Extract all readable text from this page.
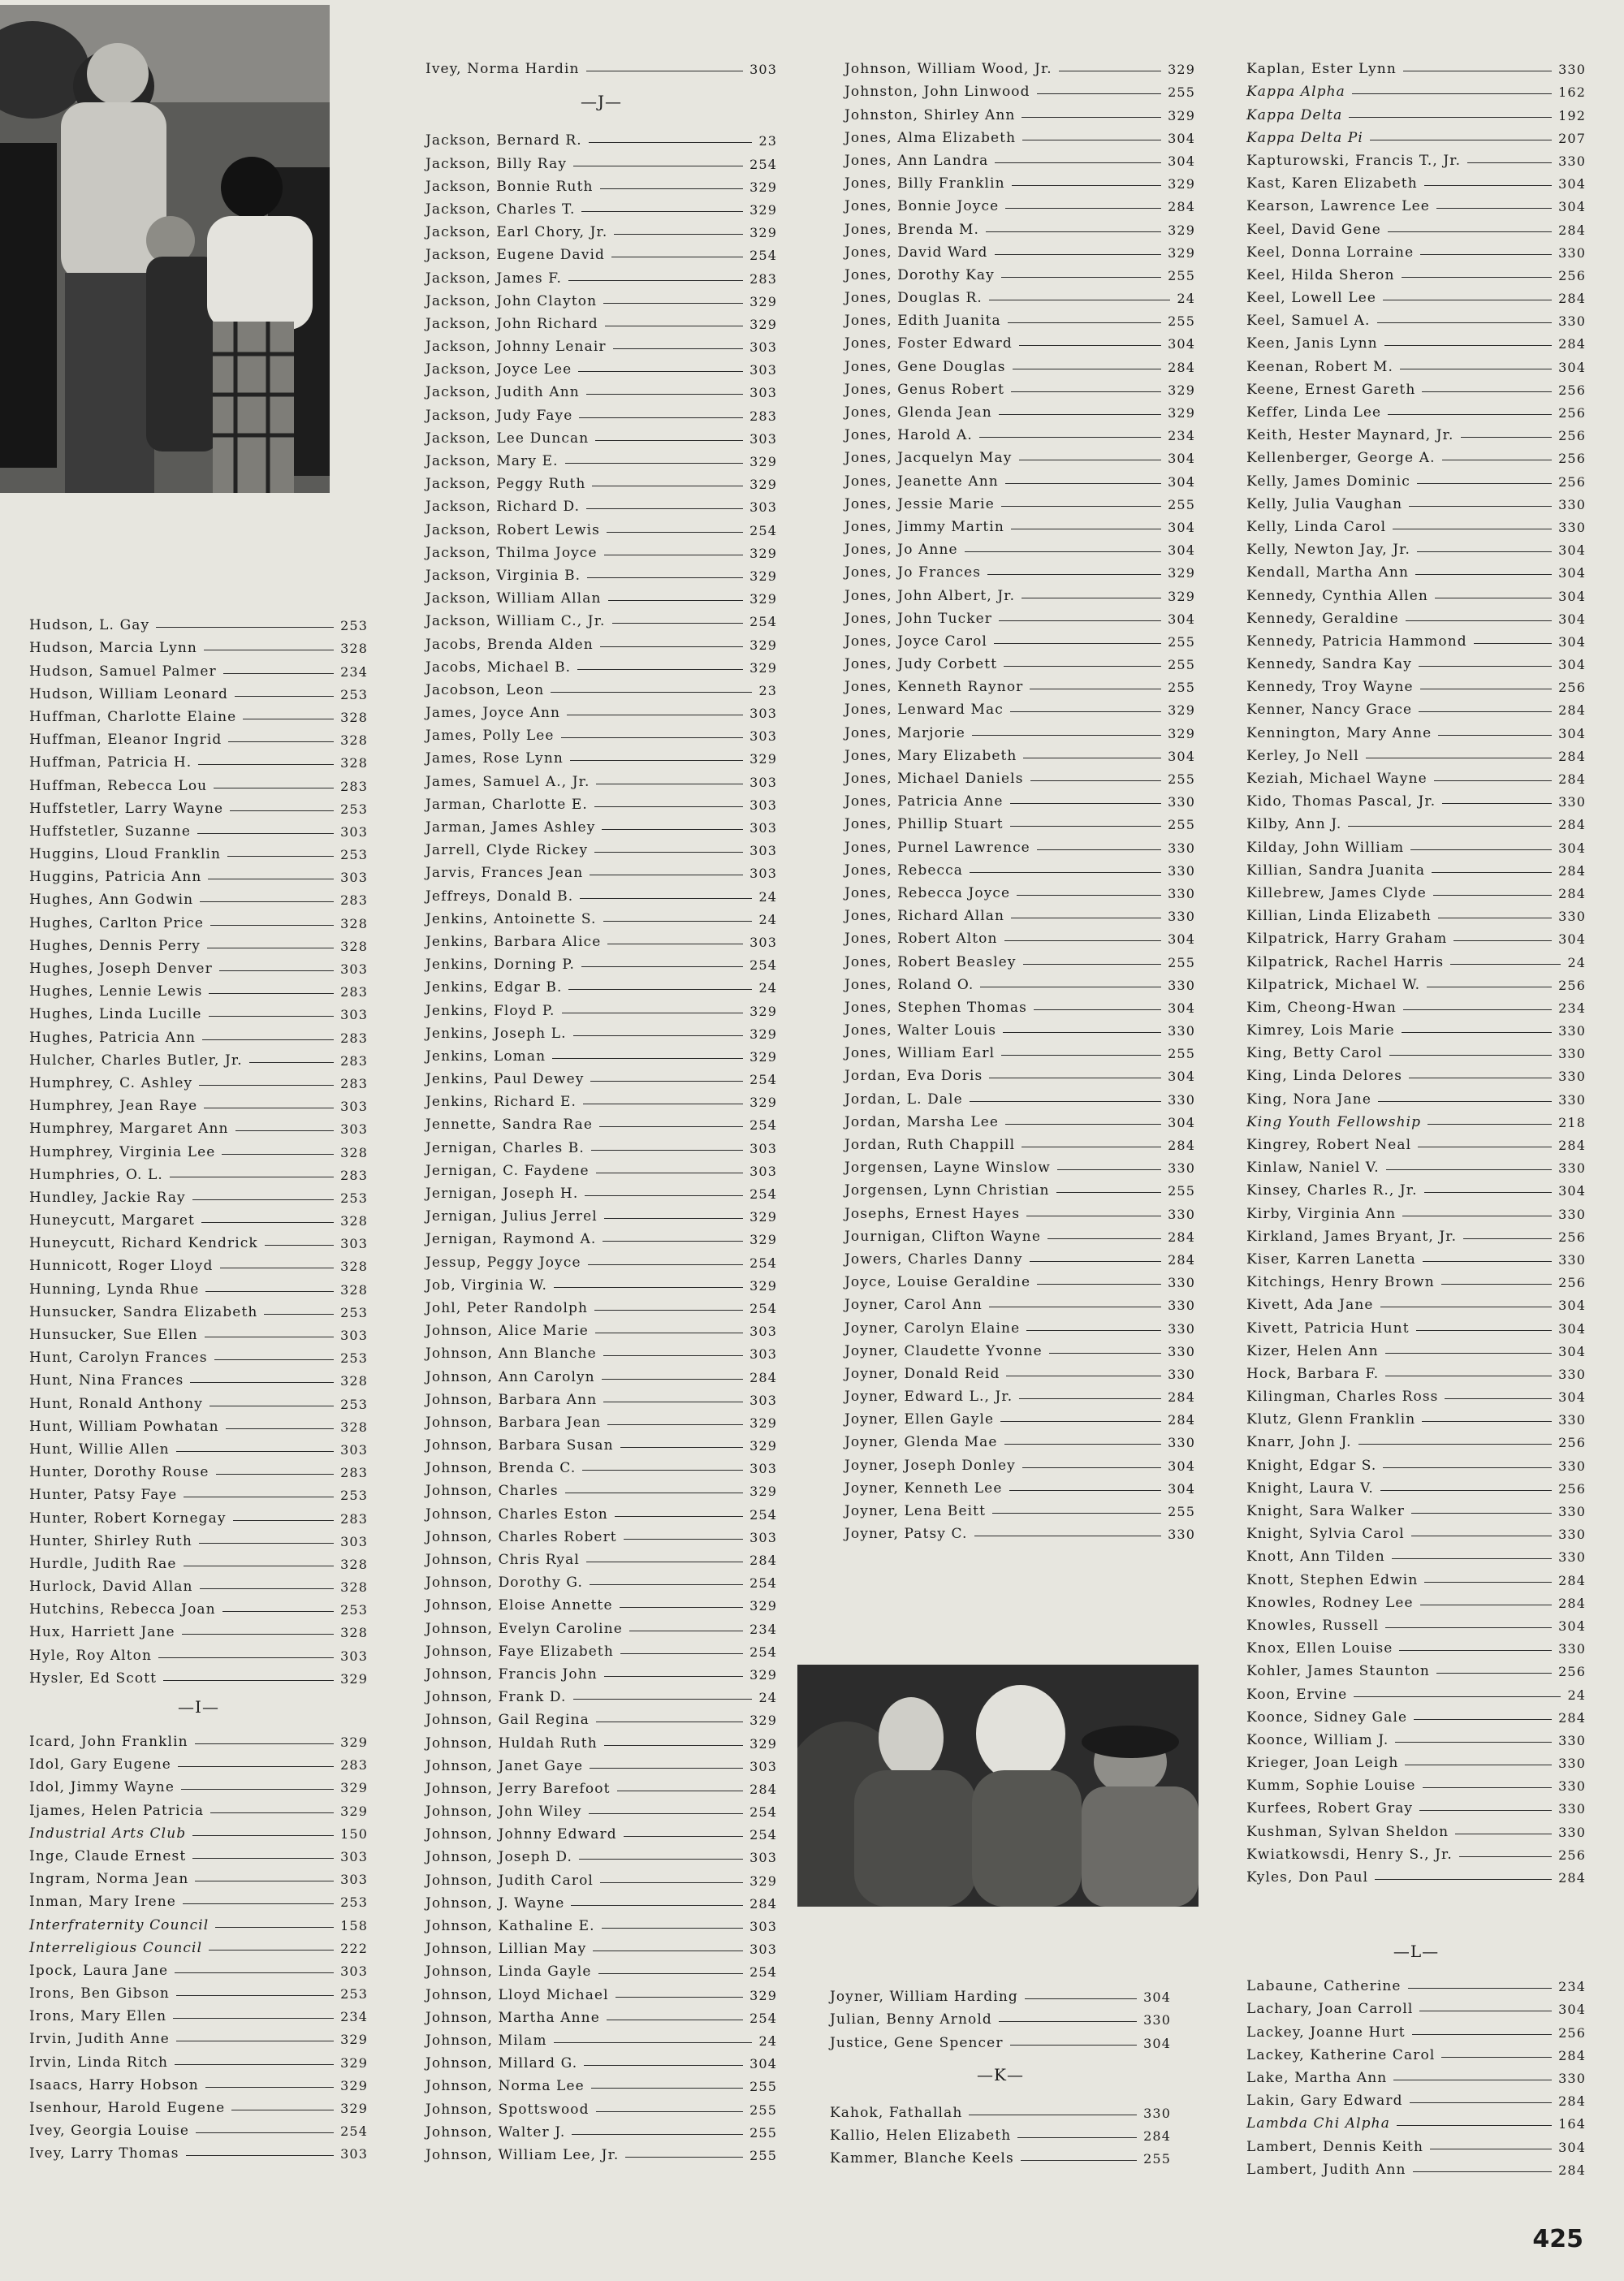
Hudson, L. Gay	253
Hudson, Marcia Lynn	328
Hudson, Samuel Palmer	234
Hudson, William Leonard	253
Huffman, Charlotte Elaine	328
Huffman, Eleanor Ingrid	328
Huffman, Patricia H.	328
Huffman, Rebecca Lou	283
Huffstetler, Larry Wayne	253
Huffstetler, Suzanne	303
Huggins, Lloud Franklin	253
Huggins, Patricia Ann	303
Hughes, Ann Godwin	283
Hughes, Carlton Price	328
Hughes, Dennis Perry	328
Hughes, Joseph Denver	303
Hughes, Lennie Lewis	283
Hughes, Linda Lucille	303
Hughes, Patricia Ann	283
Hulcher, Charles Butler, Jr.	283
Humphrey, C. Ashley	283
Humphrey, Jean Raye	303
Humphrey, Margaret Ann	303
Humphrey, Virginia Lee	328
Humphries, O. L.	283
Hundley, Jackie Ray	253
Huneycutt, Margaret	328
Huneycutt, Richard Kendrick	303
Hunnicott, Roger Lloyd	328
Hunning, Lynda Rhue	328
Hunsucker, Sandra Elizabeth	253
Hunsucker, Sue Ellen	303
Hunt, Carolyn Frances	253
Hunt, Nina Frances	328
Hunt, Ronald Anthony	253
Hunt, William Powhatan	328
Hunt, Willie Allen	303
Hunter, Dorothy Rouse	283
Hunter, Patsy Faye	253
Hunter, Robert Kornegay	283
Hunter, Shirley Ruth	303
Hurdle, Judith Rae	328
Hurlock, David Allan	328
Hutchins, Rebecca Joan	253
Hux, Harriett Jane	328
Hyle, Roy Alton	303
Hysler, Ed Scott	329
—I—
Icard, John Franklin	329
Idol, Gary Eugene	283
Idol, Jimmy Wayne	329
Ijames, Helen Patricia	329
Industrial Arts Club	150
Inge, Claude Ernest	303
Ingram, Norma Jean	303
Inman, Mary Irene	253
Interfraternity Council	158
Interreligious Council	222
Ipock, Laura Jane	303
Irons, Ben Gibson	253
Irons, Mary Ellen	234
Irvin, Judith Anne	329
Irvin, Linda Ritch	329
Isaacs, Harry Hobson	329
Isenhour, Harold Eugene	329
Ivey, Georgia Louise	254
Ivey, Larry Thomas	303
Ivey, Norma Hardin	303
—J—
Jackson, Bernard R.	23
Jackson, Billy Ray	254
Jackson, Bonnie Ruth	329
Jackson, Charles T.	329
Jackson, Earl Chory, Jr.	329
Jackson, Eugene David	254
Jackson, James F.	283
Jackson, John Clayton	329
Jackson, John Richard	329
Jackson, Johnny Lenair	303
Jackson, Joyce Lee	303
Jackson, Judith Ann	303
Jackson, Judy Faye	283
Jackson, Lee Duncan	303
Jackson, Mary E.	329
Jackson, Peggy Ruth	329
Jackson, Richard D.	303
Jackson, Robert Lewis	254
Jackson, Thilma Joyce	329
Jackson, Virginia B.	329
Jackson, William Allan	329
Jackson, William C., Jr.	254
Jacobs, Brenda Alden	329
Jacobs, Michael B.	329
Jacobson, Leon	23
James, Joyce Ann	303
James, Polly Lee	303
James, Rose Lynn	329
James, Samuel A., Jr.	303
Jarman, Charlotte E.	303
Jarman, James Ashley	303
Jarrell, Clyde Rickey	303
Jarvis, Frances Jean	303
Jeffreys, Donald B.	24
Jenkins, Antoinette S.	24
Jenkins, Barbara Alice	303
Jenkins, Dorning P.	254
Jenkins, Edgar B.	24
Jenkins, Floyd P.	329
Jenkins, Joseph L.	329
Jenkins, Loman	329
Jenkins, Paul Dewey	254
Jenkins, Richard E.	329
Jennette, Sandra Rae	254
Jernigan, Charles B.	303
Jernigan, C. Faydene	303
Jernigan, Joseph H.	254
Jernigan, Julius Jerrel	329
Jernigan, Raymond A.	329
Jessup, Peggy Joyce	254
Job, Virginia W.	329
Johl, Peter Randolph	254
Johnson, Alice Marie	303
Johnson, Ann Blanche	303
Johnson, Ann Carolyn	284
Johnson, Barbara Ann	303
Johnson, Barbara Jean	329
Johnson, Barbara Susan	329
Johnson, Brenda C.	303
Johnson, Charles	329
Johnson, Charles Eston	254
Johnson, Charles Robert	303
Johnson, Chris Ryal	284
Johnson, Dorothy G.	254
Johnson, Eloise Annette	329
Johnson, Evelyn Caroline	234
Johnson, Faye Elizabeth	254
Johnson, Francis John	329
Johnson, Frank D.	24
Johnson, Gail Regina	329
Johnson, Huldah Ruth	329
Johnson, Janet Gaye	303
Johnson, Jerry Barefoot	284
Johnson, John Wiley	254
Johnson, Johnny Edward	254
Johnson, Joseph D.	303
Johnson, Judith Carol	329
Johnson, J. Wayne	284
Johnson, Kathaline E.	303
Johnson, Lillian May	303
Johnson, Linda Gayle	254
Johnson, Lloyd Michael	329
Johnson, Martha Anne	254
Johnson, Milam	24
Johnson, Millard G.	304
Johnson, Norma Lee	255
Johnson, Spottswood	255
Johnson, Walter J.	255
Johnson, William Lee, Jr.	255
Johnson, William Wood, Jr.	329
Johnston, John Linwood	255
Johnston, Shirley Ann	329
Jones, Alma Elizabeth	304
Jones, Ann Landra	304
Jones, Billy Franklin	329
Jones, Bonnie Joyce	284
Jones, Brenda M.	329
Jones, David Ward	329
Jones, Dorothy Kay	255
Jones, Douglas R.	24
Jones, Edith Juanita	255
Jones, Foster Edward	304
Jones, Gene Douglas	284
Jones, Genus Robert	329
Jones, Glenda Jean	329
Jones, Harold A.	234
Jones, Jacquelyn May	304
Jones, Jeanette Ann	304
Jones, Jessie Marie	255
Jones, Jimmy Martin	304
Jones, Jo Anne	304
Jones, Jo Frances	329
Jones, John Albert, Jr.	329
Jones, John Tucker	304
Jones, Joyce Carol	255
Jones, Judy Corbett	255
Jones, Kenneth Raynor	255
Jones, Lenward Mac	329
Jones, Marjorie	329
Jones, Mary Elizabeth	304
Jones, Michael Daniels	255
Jones, Patricia Anne	330
Jones, Phillip Stuart	255
Jones, Purnel Lawrence	330
Jones, Rebecca	330
Jones, Rebecca Joyce	330
Jones, Richard Allan	330
Jones, Robert Alton	304
Jones, Robert Beasley	255
Jones, Roland O.	330
Jones, Stephen Thomas	304
Jones, Walter Louis	330
Jones, William Earl	255
Jordan, Eva Doris	304
Jordan, L. Dale	330
Jordan, Marsha Lee	304
Jordan, Ruth Chappill	284
Jorgensen, Layne Winslow	330
Jorgensen, Lynn Christian	255
Josephs, Ernest Hayes	330
Journigan, Clifton Wayne	284
Jowers, Charles Danny	284
Joyce, Louise Geraldine	330
Joyner, Carol Ann	330
Joyner, Carolyn Elaine	330
Joyner, Claudette Yvonne	330
Joyner, Donald Reid	330
Joyner, Edward L., Jr.	284
Joyner, Ellen Gayle	284
Joyner, Glenda Mae	330
Joyner, Joseph Donley	304
Joyner, Kenneth Lee	304
Joyner, Lena Beitt	255
Joyner, Patsy C.	330
Joyner, William Harding	304
Julian, Benny Arnold	330
Justice, Gene Spencer	304
—K—
Kahok, Fathallah	330
Kallio, Helen Elizabeth	284
Kammer, Blanche Keels	255
Kaplan, Ester Lynn	330
Kappa Alpha	162
Kappa Delta	192
Kappa Delta Pi	207
Kapturowski, Francis T., Jr.	330
Kast, Karen Elizabeth	304
Kearson, Lawrence Lee	304
Keel, David Gene	284
Keel, Donna Lorraine	330
Keel, Hilda Sheron	256
Keel, Lowell Lee	284
Keel, Samuel A.	330
Keen, Janis Lynn	284
Keenan, Robert M.	304
Keene, Ernest Gareth	256
Keffer, Linda Lee	256
Keith, Hester Maynard, Jr.	256
Kellenberger, George A.	256
Kelly, James Dominic	256
Kelly, Julia Vaughan	330
Kelly, Linda Carol	330
Kelly, Newton Jay, Jr.	304
Kendall, Martha Ann	304
Kennedy, Cynthia Allen	304
Kennedy, Geraldine	304
Kennedy, Patricia Hammond	304
Kennedy, Sandra Kay	304
Kennedy, Troy Wayne	256
Kenner, Nancy Grace	284
Kennington, Mary Anne	304
Kerley, Jo Nell	284
Keziah, Michael Wayne	284
Kido, Thomas Pascal, Jr.	330
Kilby, Ann J.	284
Kilday, John William	304
Killian, Sandra Juanita	284
Killebrew, James Clyde	284
Killian, Linda Elizabeth	330
Kilpatrick, Harry Graham	304
Kilpatrick, Rachel Harris	24
Kilpatrick, Michael W.	256
Kim, Cheong-Hwan	234
Kimrey, Lois Marie	330
King, Betty Carol	330
King, Linda Delores	330
King, Nora Jane	330
King Youth Fellowship	218
Kingrey, Robert Neal	284
Kinlaw, Naniel V.	330
Kinsey, Charles R., Jr.	304
Kirby, Virginia Ann	330
Kirkland, James Bryant, Jr.	256
Kiser, Karren Lanetta	330
Kitchings, Henry Brown	256
Kivett, Ada Jane	304
Kivett, Patricia Hunt	304
Kizer, Helen Ann	304
Hock, Barbara F.	330
Kilingman, Charles Ross	304
Klutz, Glenn Franklin	330
Knarr, John J.	256
Knight, Edgar S.	330
Knight, Laura V.	256
Knight, Sara Walker	330
Knight, Sylvia Carol	330
Knott, Ann Tilden	330
Knott, Stephen Edwin	284
Knowles, Rodney Lee	284
Knowles, Russell	304
Knox, Ellen Louise	330
Kohler, James Staunton	256
Koon, Ervine	24
Koonce, Sidney Gale	284
Koonce, William J.	330
Krieger, Joan Leigh	330
Kumm, Sophie Louise	330
Kurfees, Robert Gray	330
Kushman, Sylvan Sheldon	330
Kwiatkowsdi, Henry S., Jr.	256
Kyles, Don Paul	284
—L—
Labaune, Catherine	234
Lachary, Joan Carroll	304
Lackey, Joanne Hurt	256
Lackey, Katherine Carol	284
Lake, Martha Ann	330
Lakin, Gary Edward	284
Lambda Chi Alpha	164
Lambert, Dennis Keith	304
Lambert, Judith Ann	284
425
